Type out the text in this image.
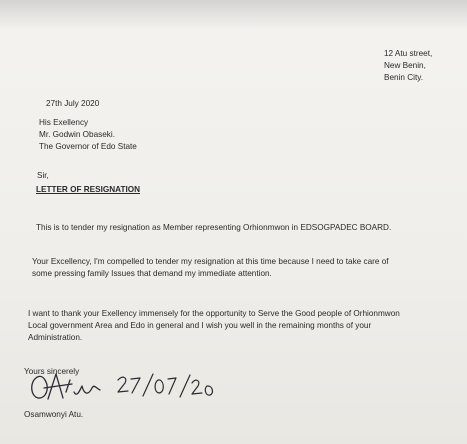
12 Atu street,
New Benin,
Benin City.
27th July 2020
His Exellency
Mr. Godwin Obaseki.
The Governor of Edo State
Sir,
LETTER OF RESIGNATION
This is to tender my resignation as Member representing Orhionmwon in EDSOGPADEC BOARD.
Your Excellency, I'm compelled to tender my resignation at this time because I need to take care of
some pressing family Issues that demand my immediate attention.
I want to thank your Exellency immensely for the opportunity to Serve the Good people of Orhionmwon
Local government Area and Edo in general and I wish you well in the remaining months of your
Administration.
Yours sincerely
Osamwonyi Atu.
